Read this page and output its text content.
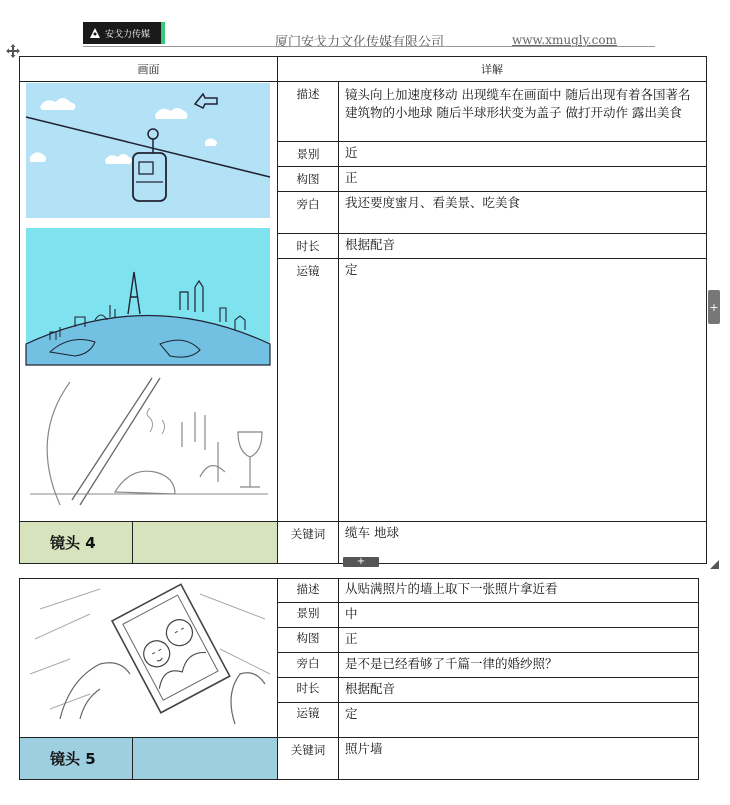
安戈力传媒
厦门安戈力文化传媒有限公司	www.xmugly.com
画面		详解	

	描述	镜头向上加速度移动 出现缆车在画面中 随后出现有着各国著名建筑物的小地球 随后半球形状变为盖子 做打开动作 露出美食
		景别	近
		构图	正
		旁白	我还要度蜜月、看美景、吃美食
		时长	根据配音
		运镜	定
镜头 4		关键词	缆车 地球
+
+
	描述	从贴满照片的墙上取下一张照片拿近看
		景别	中
		构图	正
		旁白	是不是已经看够了千篇一律的婚纱照？
		时长	根据配音
		运镜	定
镜头 5		关键词	照片墙
